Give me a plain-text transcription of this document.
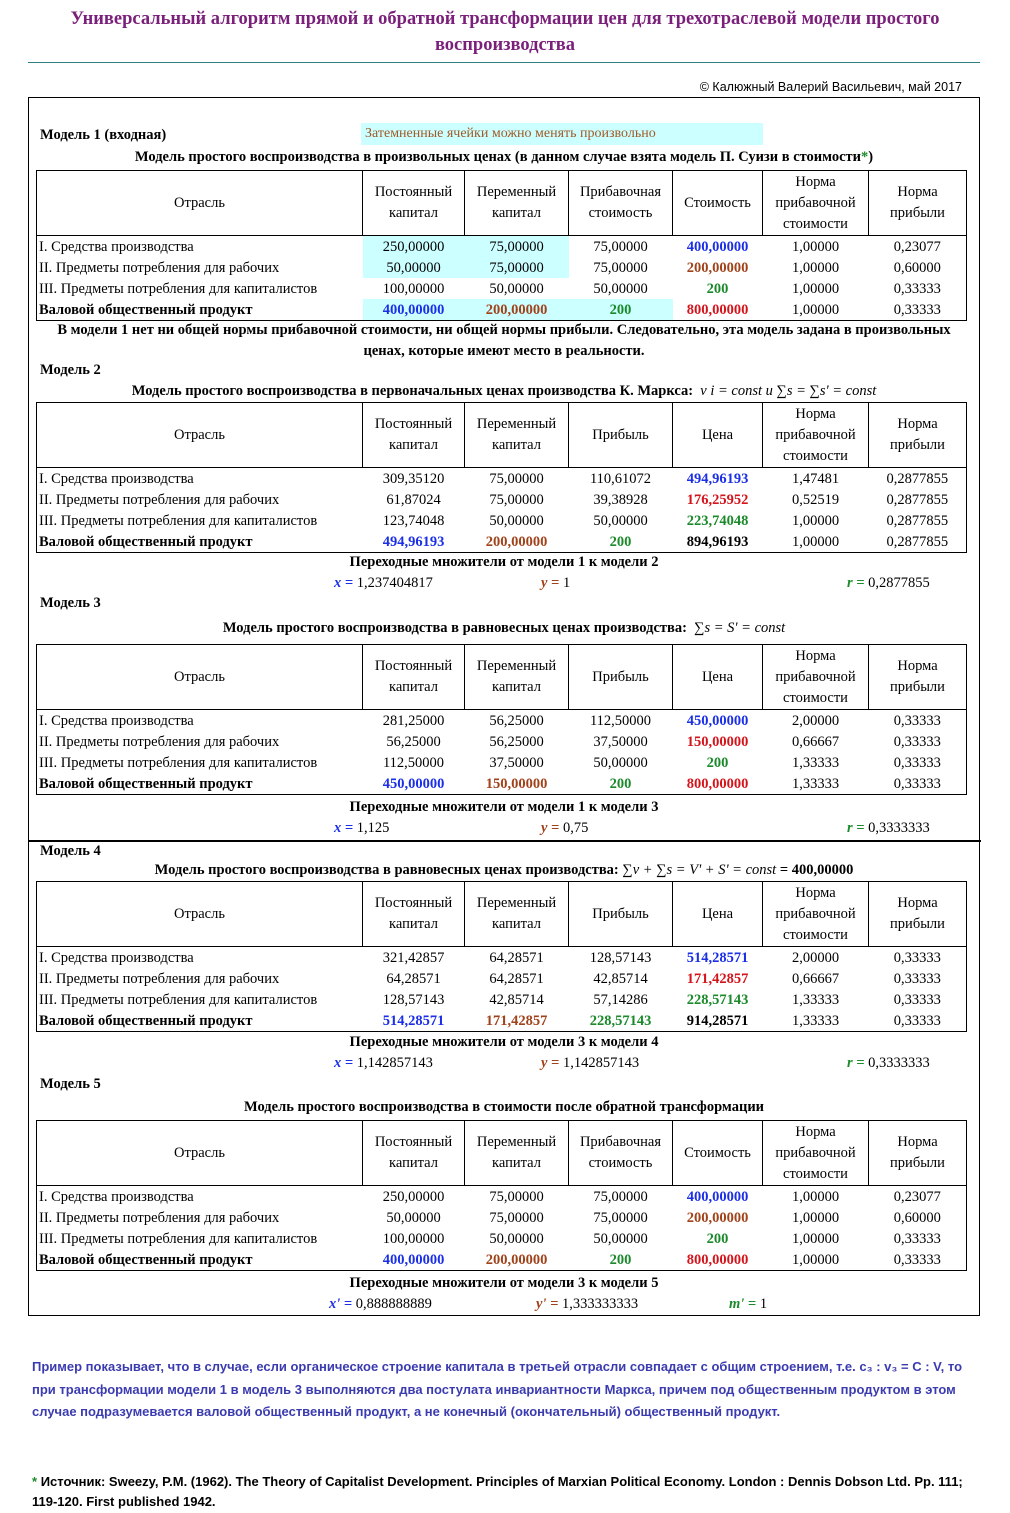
Универсальный алгоритм прямой и обратной трансформации цен для трехотраслевой модели простого воспроизводства
© Калюжный Валерий Васильевич, май 2017
Модель 1 (входная)	Затемненные ячейки можно менять произвольно
Модель простого воспроизводства в произвольных ценах (в данном случае взята модель П. Суизи в стоимости*)
Отрасль	Постоянный капитал	Переменный капитал	Прибавочная стоимость	Стоимость	Норма прибавочной стоимости	Норма прибыли
I. Средства производства	250,00000	75,00000	75,00000	400,00000	1,00000	0,23077
II. Предметы потребления для рабочих	50,00000	75,00000	75,00000	200,00000	1,00000	0,60000
III. Предметы потребления для капиталистов	100,00000	50,00000	50,00000	200	1,00000	0,33333
Валовой общественный продукт	400,00000	200,00000	200	800,00000	1,00000	0,33333
В модели 1 нет ни общей нормы прибавочной стоимости, ни общей нормы прибыли. Следовательно, эта модель задана в произвольных ценах, которые имеют место в реальности.
Модель 2
Модель простого воспроизводства в первоначальных ценах производства К. Маркса: v i = const и ∑s = ∑s' = const
Отрасль	Постоянный капитал	Переменный капитал	Прибыль	Цена	Норма прибавочной стоимости	Норма прибыли
I. Средства производства	309,35120	75,00000	110,61072	494,96193	1,47481	0,2877855
II. Предметы потребления для рабочих	61,87024	75,00000	39,38928	176,25952	0,52519	0,2877855
III. Предметы потребления для капиталистов	123,74048	50,00000	50,00000	223,74048	1,00000	0,2877855
Валовой общественный продукт	494,96193	200,00000	200	894,96193	1,00000	0,2877855
Переходные множители от модели 1 к модели 2
x = 1,237404817	y = 1	r = 0,2877855
Модель 3
Модель простого воспроизводства в равновесных ценах производства: ∑s = S' = const
Отрасль	Постоянный капитал	Переменный капитал	Прибыль	Цена	Норма прибавочной стоимости	Норма прибыли
I. Средства производства	281,25000	56,25000	112,50000	450,00000	2,00000	0,33333
II. Предметы потребления для рабочих	56,25000	56,25000	37,50000	150,00000	0,66667	0,33333
III. Предметы потребления для капиталистов	112,50000	37,50000	50,00000	200	1,33333	0,33333
Валовой общественный продукт	450,00000	150,00000	200	800,00000	1,33333	0,33333
Переходные множители от модели 1 к модели 3
x = 1,125	y = 0,75	r = 0,3333333
Модель 4
Модель простого воспроизводства в равновесных ценах производства: ∑v + ∑s = V' + S' = const = 400,00000
Отрасль	Постоянный капитал	Переменный капитал	Прибыль	Цена	Норма прибавочной стоимости	Норма прибыли
I. Средства производства	321,42857	64,28571	128,57143	514,28571	2,00000	0,33333
II. Предметы потребления для рабочих	64,28571	64,28571	42,85714	171,42857	0,66667	0,33333
III. Предметы потребления для капиталистов	128,57143	42,85714	57,14286	228,57143	1,33333	0,33333
Валовой общественный продукт	514,28571	171,42857	228,57143	914,28571	1,33333	0,33333
Переходные множители от модели 3 к модели 4
x = 1,142857143	y = 1,142857143	r = 0,3333333
Модель 5
Модель простого воспроизводства в стоимости после обратной трансформации
Отрасль	Постоянный капитал	Переменный капитал	Прибавочная стоимость	Стоимость	Норма прибавочной стоимости	Норма прибыли
I. Средства производства	250,00000	75,00000	75,00000	400,00000	1,00000	0,23077
II. Предметы потребления для рабочих	50,00000	75,00000	75,00000	200,00000	1,00000	0,60000
III. Предметы потребления для капиталистов	100,00000	50,00000	50,00000	200	1,00000	0,33333
Валовой общественный продукт	400,00000	200,00000	200	800,00000	1,00000	0,33333
Переходные множители от модели 3 к модели 5
x' = 0,888888889	y' = 1,333333333	m' = 1
Пример показывает, что в случае, если органическое строение капитала в третьей отрасли совпадает с общим строением, т.е. c₃ : v₃ = C : V, то при трансформации модели 1 в модель 3 выполняются два постулата инвариантности Маркса, причем под общественным продуктом в этом случае подразумевается валовой общественный продукт, а не конечный (окончательный) общественный продукт.
* Источник: Sweezy, P.M. (1962). The Theory of Capitalist Development. Principles of Marxian Political Economy. London : Dennis Dobson Ltd. Pp. 111; 119-120. First published 1942.
